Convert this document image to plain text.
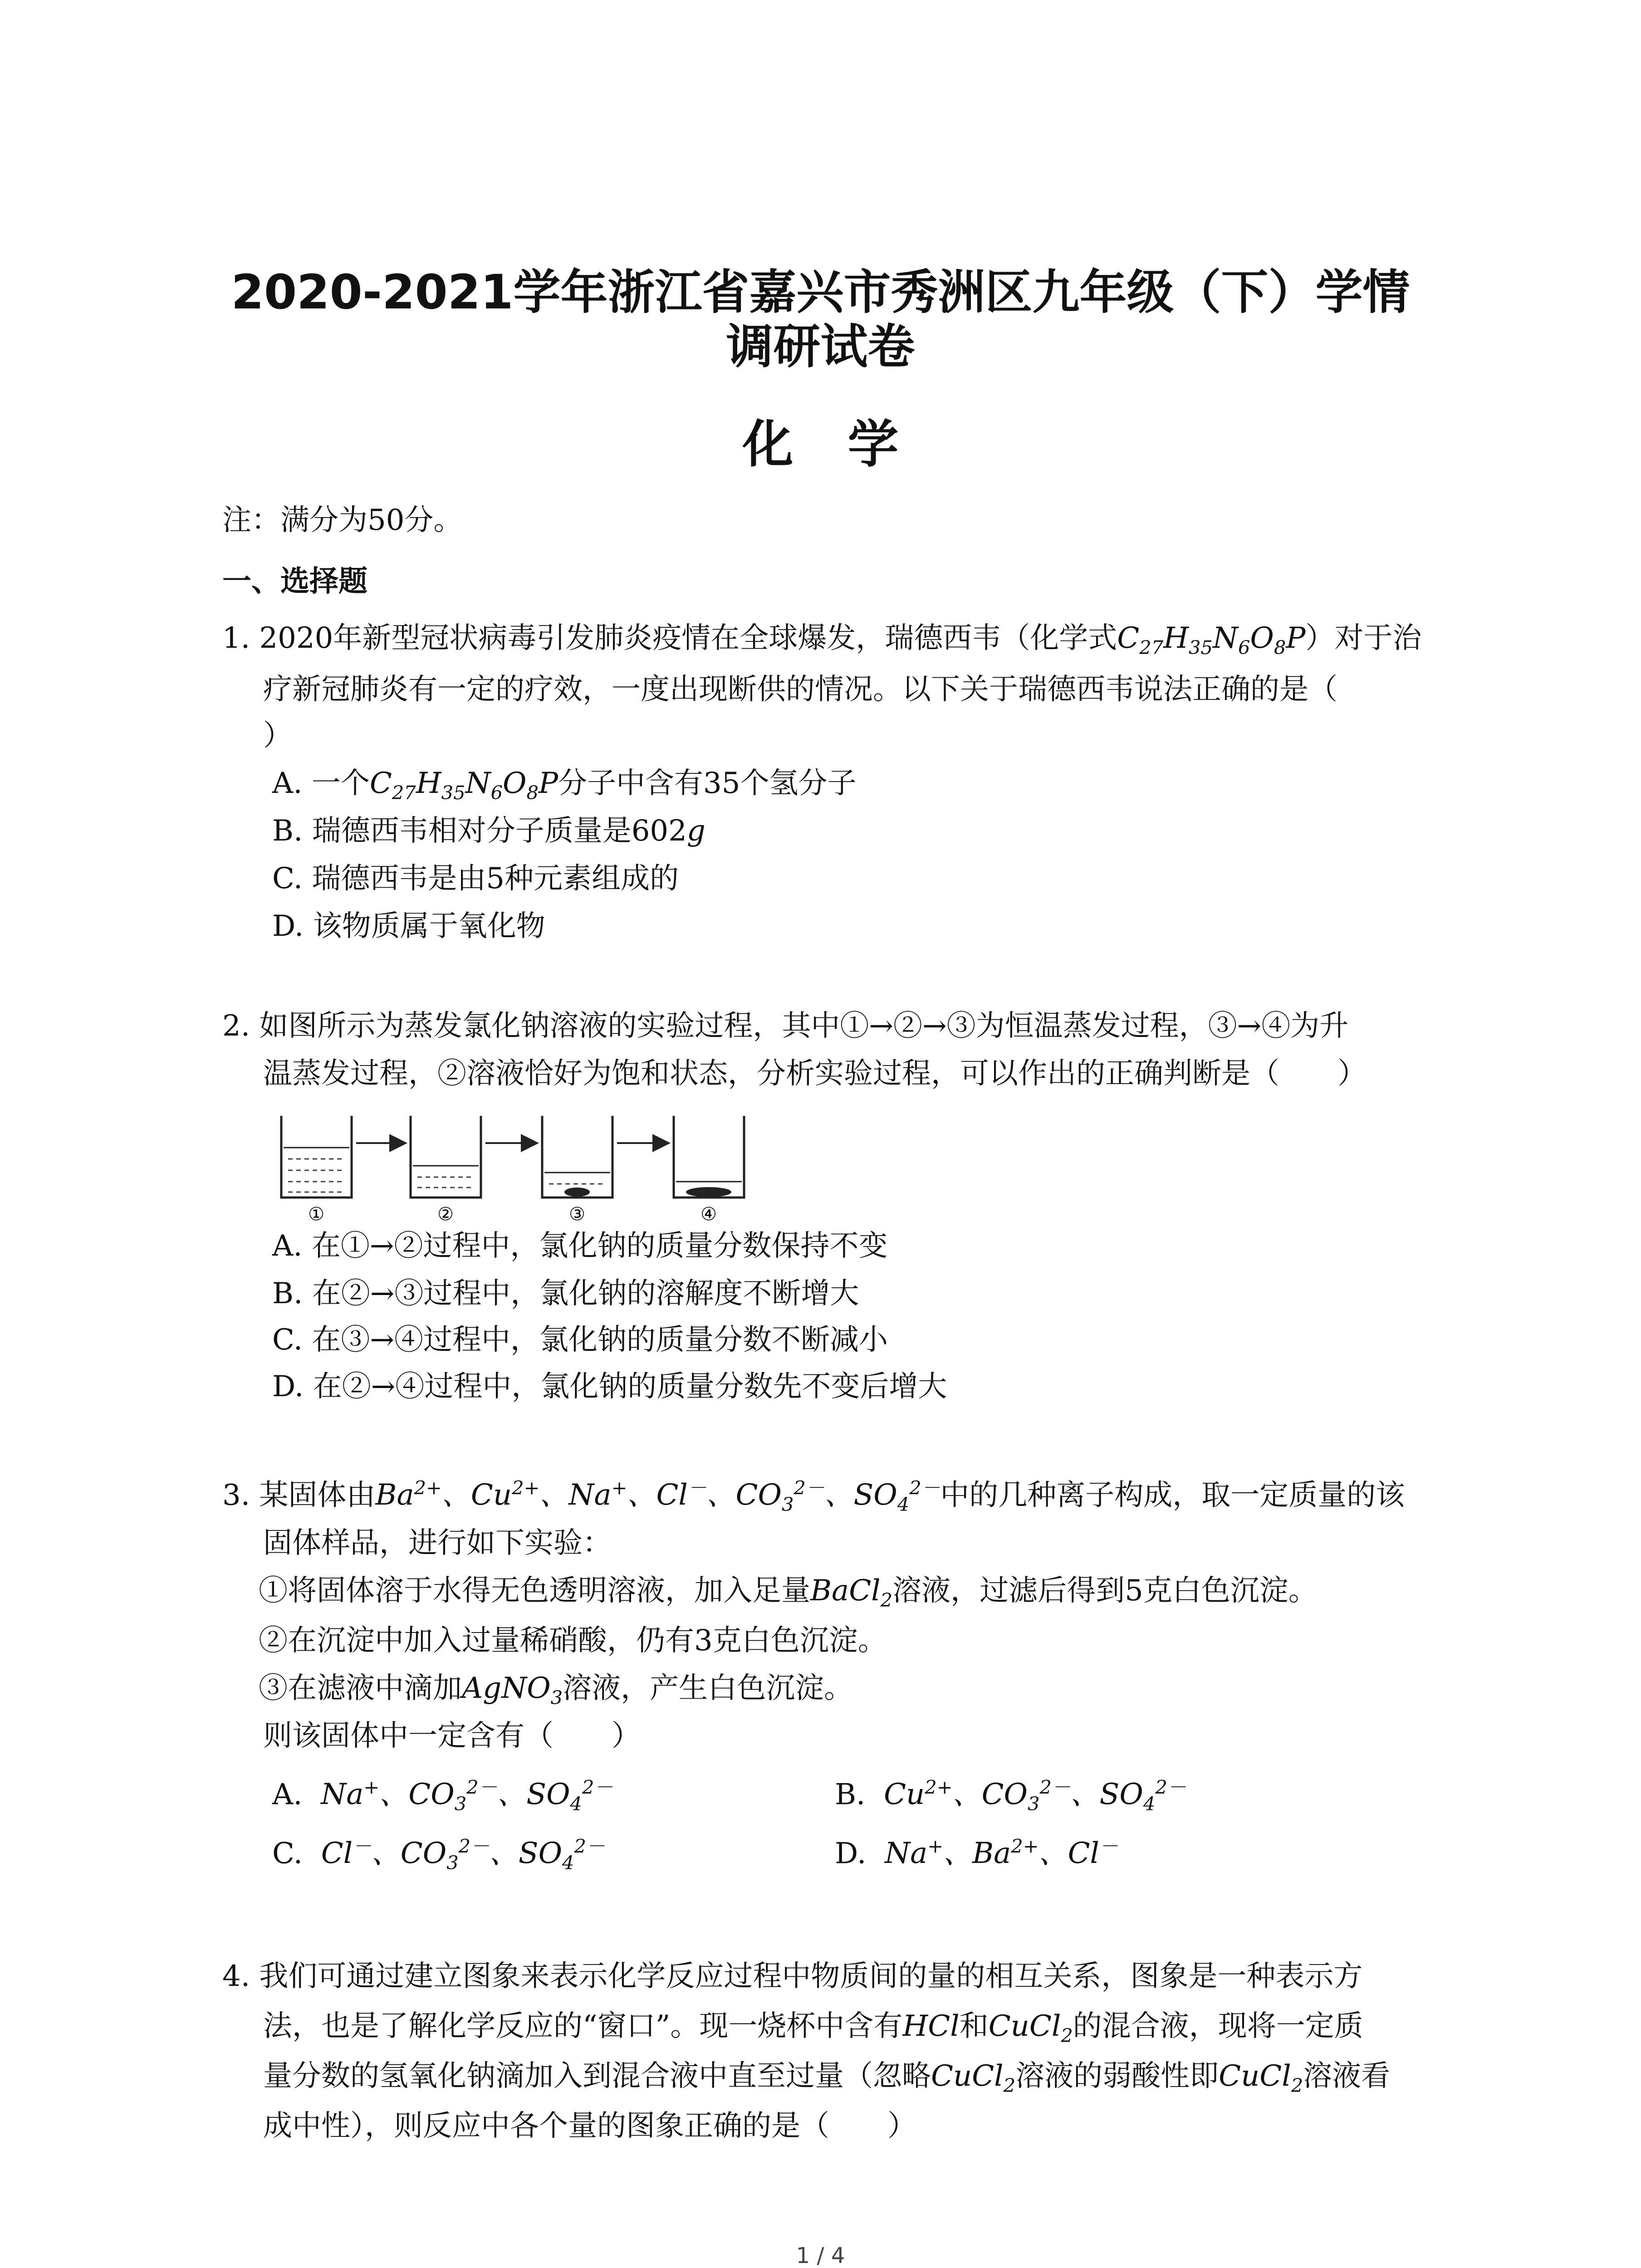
2020-2021学年浙江省嘉兴市秀洲区九年级（下）学情
调研试卷
化学
注：满分为50分。
一、选择题
1. 2020年新型冠状病毒引发肺炎疫情在全球爆发，瑞德西韦（化学式$C_{27}H_{35}N_6O_8P$）对于治
疗新冠肺炎有一定的疗效，一度出现断供的情况。以下关于瑞德西韦说法正确的是（
）
A. 一个$C_{27}H_{35}N_6O_8P$分子中含有35个氢分子
B. 瑞德西韦相对分子质量是602g
C. 瑞德西韦是由5种元素组成的
D. 该物质属于氧化物
2. 如图所示为蒸发氯化钠溶液的实验过程，其中①→②→③为恒温蒸发过程，③→④为升
温蒸发过程，②溶液恰好为饱和状态，分析实验过程，可以作出的正确判断是（　　）
①	②	③	④
A. 在①→②过程中，氯化钠的质量分数保持不变
B. 在②→③过程中，氯化钠的溶解度不断增大
C. 在③→④过程中，氯化钠的质量分数不断减小
D. 在②→④过程中，氯化钠的质量分数先不变后增大
3. 某固体由$Ba^{2+}$、$Cu^{2+}$、Na+、Cl－、$CO_3^{2-}$、$SO_4^{2-}$中的几种离子构成，取一定质量的该
固体样品，进行如下实验：
①将固体溶于水得无色透明溶液，加入足量BaCl$_2$溶液，过滤后得到5克白色沉淀。
②在沉淀中加入过量稀硝酸，仍有3克白色沉淀。
③在滤液中滴加AgNO$_3$溶液，产生白色沉淀。
则该固体中一定含有（　　）
A. Na+、$CO_3^{2-}$、$SO_4^{2-}$	B. $Cu^{2+}$、$CO_3^{2-}$、$SO_4^{2-}$
C. Cl－、$CO_3^{2-}$、$SO_4^{2-}$	D. Na+、$Ba^{2+}$、Cl－
4. 我们可通过建立图象来表示化学反应过程中物质间的量的相互关系，图象是一种表示方
法，也是了解化学反应的“窗口”。现一烧杯中含有HCl和CuCl$_2$的混合液，现将一定质
量分数的氢氧化钠滴加入到混合液中直至过量（忽略CuCl$_2$溶液的弱酸性即CuCl$_2$溶液看
成中性），则反应中各个量的图象正确的是（　　）
1 / 4
